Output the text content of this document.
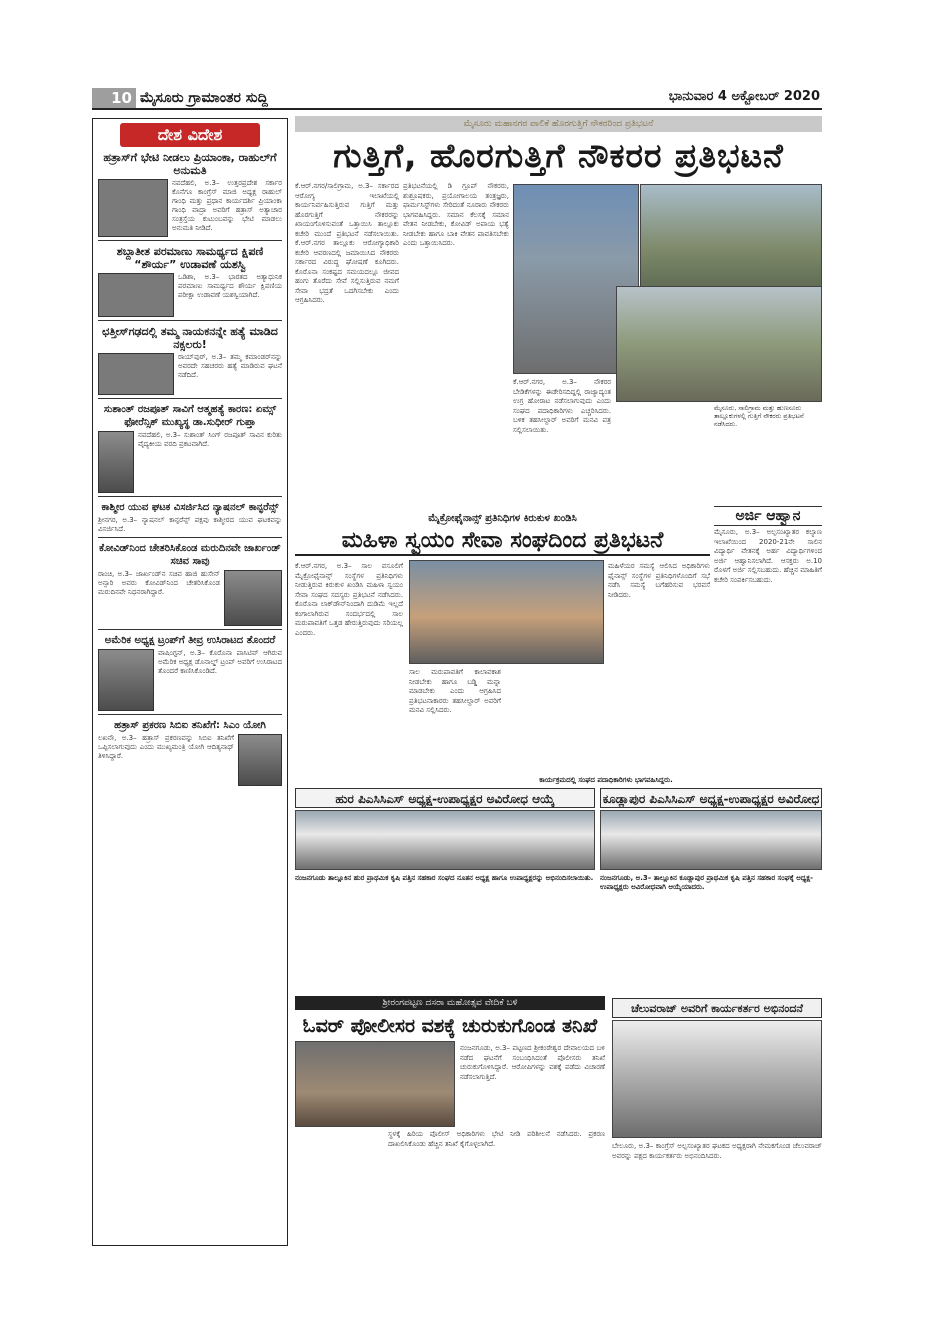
10 ಮೈಸೂರು ಗ್ರಾಮಾಂತರ ಸುದ್ದಿ	ಭಾನುವಾರ 4 ಅಕ್ಟೋಬರ್ 2020
ದೇಶ ವಿದೇಶ
ಹತ್ರಾಸ್‌ಗೆ ಭೇಟಿ ನೀಡಲು ಪ್ರಿಯಾಂಕಾ, ರಾಹುಲ್‌ಗೆ ಅನುಮತಿ
ನವದೆಹಲಿ, ಅ.3– ಉತ್ತರಪ್ರದೇಶ ಸರ್ಕಾರ ಕೊನೆಗೂ ಕಾಂಗ್ರೆಸ್ ಮಾಜಿ ಅಧ್ಯಕ್ಷ ರಾಹುಲ್ ಗಾಂಧಿ ಮತ್ತು ಪ್ರಧಾನ ಕಾರ್ಯದರ್ಶಿ ಪ್ರಿಯಾಂಕಾ ಗಾಂಧಿ ವಾದ್ರಾ ಅವರಿಗೆ ಹತ್ರಾಸ್ ಅತ್ಯಾಚಾರ ಸಂತ್ರಸ್ತೆಯ ಕುಟುಂಬವನ್ನು ಭೇಟಿ ಮಾಡಲು ಅನುಮತಿ ನೀಡಿದೆ.
ಶಬ್ದಾತೀತ ಪರಮಾಣು ಸಾಮರ್ಥ್ಯದ ಕ್ಷಿಪಣಿ “ಶೌರ್ಯ” ಉಡಾವಣೆ ಯಶಸ್ವಿ
ಒಡಿಶಾ, ಅ.3– ಭಾರತದ ಅತ್ಯಾಧುನಿಕ ಪರಮಾಣು ಸಾಮರ್ಥ್ಯದ ಶೌರ್ಯ ಕ್ಷಿಪಣಿಯ ಪರೀಕ್ಷಾ ಉಡಾವಣೆ ಯಶಸ್ವಿಯಾಗಿದೆ.
ಛತ್ತೀಸ್‌ಗಢದಲ್ಲಿ ತಮ್ಮ ನಾಯಕನನ್ನೇ ಹತ್ಯೆ ಮಾಡಿದ ನಕ್ಸಲರು!
ರಾಯ್‌ಪುರ್, ಅ.3– ತಮ್ಮ ಕಮಾಂಡರ್‌ನನ್ನು ಅವರದೇ ಸಹಚರರು ಹತ್ಯೆ ಮಾಡಿರುವ ಘಟನೆ ನಡೆದಿದೆ.
ಸುಶಾಂತ್ ರಜಪೂತ್ ಸಾವಿಗೆ ಆತ್ಮಹತ್ಯೆ ಕಾರಣ: ಏಮ್ಸ್ ಫೋರೆನ್ಸಿಕ್ ಮುಖ್ಯಸ್ಥ ಡಾ.ಸುಧೀರ್ ಗುಪ್ತಾ
ನವದೆಹಲಿ, ಅ.3– ಸುಶಾಂತ್ ಸಿಂಗ್ ರಜಪೂತ್ ಸಾವಿನ ಕುರಿತು ವೈದ್ಯಕೀಯ ವರದಿ ಪ್ರಕಟವಾಗಿದೆ.
ಕಾಶ್ಮೀರ ಯುವ ಘಟಕ ವಿಸರ್ಜಿಸಿದ ನ್ಯಾಷನಲ್ ಕಾನ್ಫರೆನ್ಸ್
ಶ್ರೀನಗರ, ಅ.3– ನ್ಯಾಷನಲ್ ಕಾನ್ಫರೆನ್ಸ್ ಪಕ್ಷವು ಕಾಶ್ಮೀರದ ಯುವ ಘಟಕವನ್ನು ವಿಸರ್ಜಿಸಿದೆ.
ಕೋವಿಡ್‌ನಿಂದ ಚೇತರಿಸಿಕೊಂಡ ಮರುದಿನವೇ ಜಾರ್ಖಂಡ್ ಸಚಿವ ಸಾವು
ರಾಂಚಿ, ಅ.3– ಜಾರ್ಖಂಡ್‌ನ ಸಚಿವ ಹಾಜಿ ಹುಸೇನ್ ಅನ್ಸಾರಿ ಅವರು ಕೋವಿಡ್‌ನಿಂದ ಚೇತರಿಸಿಕೊಂಡ ಮರುದಿನವೇ ನಿಧನರಾಗಿದ್ದಾರೆ.
ಅಮೆರಿಕ ಅಧ್ಯಕ್ಷ ಟ್ರಂಪ್‌ಗೆ ತೀವ್ರ ಉಸಿರಾಟದ ತೊಂದರೆ
ವಾಷಿಂಗ್ಟನ್, ಅ.3– ಕೊರೊನಾ ಪಾಸಿಟಿವ್ ಆಗಿರುವ ಅಮೆರಿಕ ಅಧ್ಯಕ್ಷ ಡೊನಾಲ್ಡ್ ಟ್ರಂಪ್ ಅವರಿಗೆ ಉಸಿರಾಟದ ತೊಂದರೆ ಕಾಣಿಸಿಕೊಂಡಿದೆ.
ಹತ್ರಾಸ್ ಪ್ರಕರಣ ಸಿಬಿಐ ತನಿಖೆಗೆ: ಸಿಎಂ ಯೋಗಿ
ಲಖನೌ, ಅ.3– ಹತ್ರಾಸ್ ಪ್ರಕರಣವನ್ನು ಸಿಬಿಐ ತನಿಖೆಗೆ ಒಪ್ಪಿಸಲಾಗುವುದು ಎಂದು ಮುಖ್ಯಮಂತ್ರಿ ಯೋಗಿ ಆದಿತ್ಯನಾಥ್ ತಿಳಿಸಿದ್ದಾರೆ.
ಮೈಸೂರು ಮಹಾನಗರ ಪಾಲಿಕೆ ಹೊರಗುತ್ತಿಗೆ ನೌಕರರಿಂದ ಪ್ರತಿಭಟನೆ
ಗುತ್ತಿಗೆ, ಹೊರಗುತ್ತಿಗೆ ನೌಕರರ ಪ್ರತಿಭಟನೆ
ಕೆ.ಆರ್.ನಗರ/ಸಾಲಿಗ್ರಾಮ, ಅ.3– ಸರ್ಕಾರದ ಆರೋಗ್ಯ ಇಲಾಖೆಯಲ್ಲಿ ಕಾರ್ಯನಿರ್ವಹಿಸುತ್ತಿರುವ ಗುತ್ತಿಗೆ ಮತ್ತು ಹೊರಗುತ್ತಿಗೆ ನೌಕರರನ್ನು ಖಾಯಂಗೊಳಿಸುವಂತೆ ಒತ್ತಾಯಿಸಿ ತಾಲ್ಲೂಕು ಕಚೇರಿ ಮುಂದೆ ಪ್ರತಿಭಟನೆ ನಡೆಸಲಾಯಿತು. ಕೆ.ಆರ್.ನಗರ ತಾಲ್ಲೂಕು ಆರೋಗ್ಯಾಧಿಕಾರಿ ಕಚೇರಿ ಆವರಣದಲ್ಲಿ ಜಮಾಯಿಸಿದ ನೌಕರರು ಸರ್ಕಾರದ ವಿರುದ್ಧ ಘೋಷಣೆ ಕೂಗಿದರು. ಕೊರೊನಾ ಸಂಕಷ್ಟದ ಸಮಯದಲ್ಲೂ ಜೀವದ ಹಂಗು ತೊರೆದು ಸೇವೆ ಸಲ್ಲಿಸುತ್ತಿರುವ ನಮಗೆ ಸೇವಾ ಭದ್ರತೆ ಒದಗಿಸಬೇಕು ಎಂದು ಆಗ್ರಹಿಸಿದರು.
ಪ್ರತಿಭಟನೆಯಲ್ಲಿ ಡಿ ಗ್ರೂಪ್ ನೌಕರರು, ಶುಶ್ರೂಷಕರು, ಪ್ರಯೋಗಾಲಯ ತಂತ್ರಜ್ಞರು, ಫಾರ್ಮಸಿಸ್ಟ್‌ಗಳು ಸೇರಿದಂತೆ ನೂರಾರು ನೌಕರರು ಭಾಗವಹಿಸಿದ್ದರು. ಸಮಾನ ಕೆಲಸಕ್ಕೆ ಸಮಾನ ವೇತನ ನೀಡಬೇಕು, ಕೋವಿಡ್ ಅಪಾಯ ಭತ್ಯೆ ನೀಡಬೇಕು ಹಾಗೂ ಬಾಕಿ ವೇತನ ಪಾವತಿಸಬೇಕು ಎಂದು ಒತ್ತಾಯಿಸಿದರು.
ಕೆ.ಆರ್.ನಗರ, ಅ.3– ನೌಕರರ ಬೇಡಿಕೆಗಳನ್ನು ಈಡೇರಿಸದಿದ್ದಲ್ಲಿ ರಾಜ್ಯಾದ್ಯಂತ ಉಗ್ರ ಹೋರಾಟ ನಡೆಸಲಾಗುವುದು ಎಂದು ಸಂಘದ ಪದಾಧಿಕಾರಿಗಳು ಎಚ್ಚರಿಸಿದರು. ಬಳಿಕ ತಹಸೀಲ್ದಾರ್ ಅವರಿಗೆ ಮನವಿ ಪತ್ರ ಸಲ್ಲಿಸಲಾಯಿತು.
ಮೈಸೂರು, ಸಾಲಿಗ್ರಾಮ ಮತ್ತು ಹುಣಸೂರು ತಾಲ್ಲೂಕುಗಳಲ್ಲಿ ಗುತ್ತಿಗೆ ನೌಕರರು ಪ್ರತಿಭಟನೆ ನಡೆಸಿದರು.
ಅರ್ಜಿ ಆಹ್ವಾನ
ಮೈಸೂರು, ಅ.3– ಅಲ್ಪಸಂಖ್ಯಾತರ ಕಲ್ಯಾಣ ಇಲಾಖೆಯಿಂದ 2020-21ನೇ ಸಾಲಿನ ವಿದ್ಯಾರ್ಥಿ ವೇತನಕ್ಕೆ ಅರ್ಹ ವಿದ್ಯಾರ್ಥಿಗಳಿಂದ ಅರ್ಜಿ ಆಹ್ವಾನಿಸಲಾಗಿದೆ. ಆಸಕ್ತರು ಅ.10 ರೊಳಗೆ ಅರ್ಜಿ ಸಲ್ಲಿಸಬಹುದು. ಹೆಚ್ಚಿನ ಮಾಹಿತಿಗೆ ಕಚೇರಿ ಸಂಪರ್ಕಿಸಬಹುದು.
ಮೈಕ್ರೋಫೈನಾನ್ಸ್ ಪ್ರತಿನಿಧಿಗಳ ಕಿರುಕುಳ ಖಂಡಿಸಿ
ಮಹಿಳಾ ಸ್ವಯಂ ಸೇವಾ ಸಂಘದಿಂದ ಪ್ರತಿಭಟನೆ
ಕೆ.ಆರ್.ನಗರ, ಅ.3– ಸಾಲ ವಸೂಲಿಗೆ ಮೈಕ್ರೋಫೈನಾನ್ಸ್ ಸಂಸ್ಥೆಗಳ ಪ್ರತಿನಿಧಿಗಳು ನೀಡುತ್ತಿರುವ ಕಿರುಕುಳ ಖಂಡಿಸಿ ಮಹಿಳಾ ಸ್ವಯಂ ಸೇವಾ ಸಂಘದ ಸದಸ್ಯರು ಪ್ರತಿಭಟನೆ ನಡೆಸಿದರು. ಕೊರೊನಾ ಲಾಕ್‌ಡೌನ್‌ನಿಂದಾಗಿ ದುಡಿಮೆ ಇಲ್ಲದೆ ಕಂಗಾಲಾಗಿರುವ ಸಂದರ್ಭದಲ್ಲಿ ಸಾಲ ಮರುಪಾವತಿಗೆ ಒತ್ತಡ ಹೇರುತ್ತಿರುವುದು ಸರಿಯಲ್ಲ ಎಂದರು.
ಸಾಲ ಮರುಪಾವತಿಗೆ ಕಾಲಾವಕಾಶ ನೀಡಬೇಕು ಹಾಗೂ ಬಡ್ಡಿ ಮನ್ನಾ ಮಾಡಬೇಕು ಎಂದು ಆಗ್ರಹಿಸಿದ ಪ್ರತಿಭಟನಾಕಾರರು ತಹಸೀಲ್ದಾರ್ ಅವರಿಗೆ ಮನವಿ ಸಲ್ಲಿಸಿದರು.
ಮಹಿಳೆಯರ ಸಮಸ್ಯೆ ಆಲಿಸಿದ ಅಧಿಕಾರಿಗಳು ಫೈನಾನ್ಸ್ ಸಂಸ್ಥೆಗಳ ಪ್ರತಿನಿಧಿಗಳೊಂದಿಗೆ ಸಭೆ ನಡೆಸಿ ಸಮಸ್ಯೆ ಬಗೆಹರಿಸುವ ಭರವಸೆ ನೀಡಿದರು.
ಕಾರ್ಯಕ್ರಮದಲ್ಲಿ ಸಂಘದ ಪದಾಧಿಕಾರಿಗಳು ಭಾಗವಹಿಸಿದ್ದರು.
ಹುರ ಪಿಎಸಿಸಿಎಸ್ ಅಧ್ಯಕ್ಷ-ಉಪಾಧ್ಯಕ್ಷರ ಅವಿರೋಧ ಆಯ್ಕೆ
ನಂಜನಗೂಡು ತಾಲ್ಲೂಕಿನ ಹುರ ಪ್ರಾಥಮಿಕ ಕೃಷಿ ಪತ್ತಿನ ಸಹಕಾರ ಸಂಘದ ನೂತನ ಅಧ್ಯಕ್ಷ ಹಾಗೂ ಉಪಾಧ್ಯಕ್ಷರನ್ನು ಅಭಿನಂದಿಸಲಾಯಿತು.
ಕೂಡ್ಲಾಪುರ ಪಿಎಸಿಸಿಎಸ್ ಅಧ್ಯಕ್ಷ-ಉಪಾಧ್ಯಕ್ಷರ ಅವಿರೋಧ
ನಂಜನಗೂಡು, ಅ.3– ತಾಲ್ಲೂಕಿನ ಕೂಡ್ಲಾಪುರ ಪ್ರಾಥಮಿಕ ಕೃಷಿ ಪತ್ತಿನ ಸಹಕಾರ ಸಂಘಕ್ಕೆ ಅಧ್ಯಕ್ಷ-ಉಪಾಧ್ಯಕ್ಷರು ಅವಿರೋಧವಾಗಿ ಆಯ್ಕೆಯಾದರು.
ಶ್ರೀರಂಗಪಟ್ಟಣ ದಸರಾ ಮಹೋತ್ಸವ ವೇದಿಕೆ ಬಳಿ
ಓವರ್ ಪೋಲೀಸರ ವಶಕ್ಕೆ ಚುರುಕುಗೊಂಡ ತನಿಖೆ
ನಂಜನಗೂಡು, ಅ.3– ಪಟ್ಟಣದ ಶ್ರೀಕಂಠೇಶ್ವರ ದೇವಾಲಯದ ಬಳಿ ನಡೆದ ಘಟನೆಗೆ ಸಂಬಂಧಿಸಿದಂತೆ ಪೊಲೀಸರು ತನಿಖೆ ಚುರುಕುಗೊಳಿಸಿದ್ದಾರೆ. ಆರೋಪಿಗಳನ್ನು ವಶಕ್ಕೆ ಪಡೆದು ವಿಚಾರಣೆ ನಡೆಸಲಾಗುತ್ತಿದೆ.
ಸ್ಥಳಕ್ಕೆ ಹಿರಿಯ ಪೊಲೀಸ್ ಅಧಿಕಾರಿಗಳು ಭೇಟಿ ನೀಡಿ ಪರಿಶೀಲನೆ ನಡೆಸಿದರು. ಪ್ರಕರಣ ದಾಖಲಿಸಿಕೊಂಡು ಹೆಚ್ಚಿನ ತನಿಖೆ ಕೈಗೊಳ್ಳಲಾಗಿದೆ.
ಚೆಲುವರಾಜ್ ಅವರಿಗೆ ಕಾರ್ಯಕರ್ತರ ಅಭಿನಂದನೆ
ಬೇಲೂರು, ಅ.3– ಕಾಂಗ್ರೆಸ್ ಅಲ್ಪಸಂಖ್ಯಾತರ ಘಟಕದ ಅಧ್ಯಕ್ಷರಾಗಿ ನೇಮಕಗೊಂಡ ಚೆಲುವರಾಜ್ ಅವರನ್ನು ಪಕ್ಷದ ಕಾರ್ಯಕರ್ತರು ಅಭಿನಂದಿಸಿದರು.
